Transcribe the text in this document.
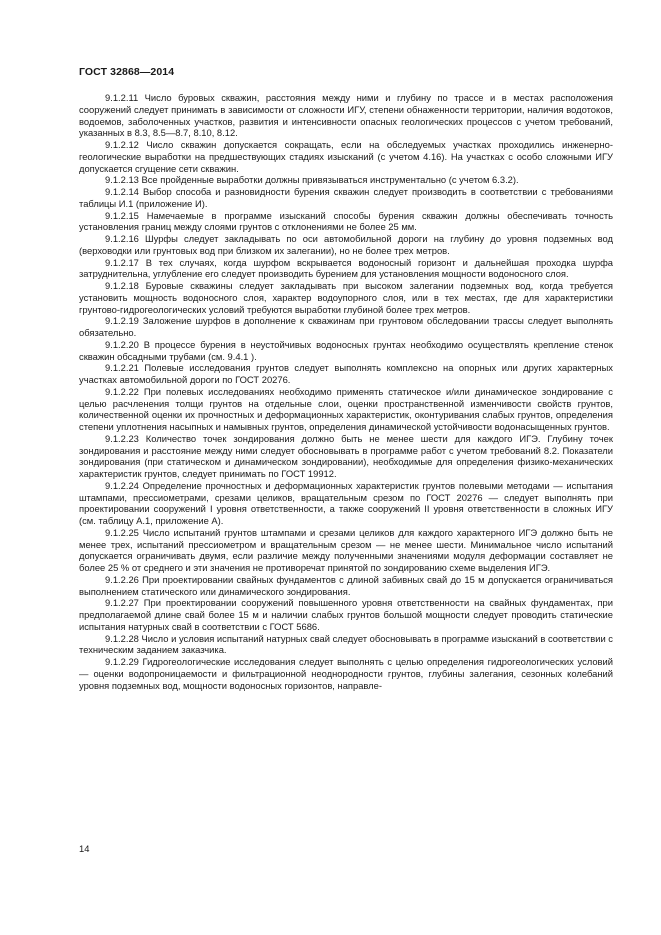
ГОСТ 32868—2014

9.1.2.11 Число буровых скважин, расстояния между ними и глубину по трассе и в местах расположения сооружений следует принимать в зависимости от сложности ИГУ, степени обнаженности территории, наличия водотоков, водоемов, заболоченных участков, развития и интенсивности опасных геологических процессов с учетом требований, указанных в 8.3, 8.5—8.7, 8.10, 8.12.

9.1.2.12 Число скважин допускается сокращать, если на обследуемых участках проходились инженерно-геологические выработки на предшествующих стадиях изысканий (с учетом 4.16). На участках с особо сложными ИГУ допускается сгущение сети скважин.

9.1.2.13 Все пройденные выработки должны привязываться инструментально (с учетом 6.3.2).

9.1.2.14 Выбор способа и разновидности бурения скважин следует производить в соответствии с требованиями таблицы И.1 (приложение И).

9.1.2.15 Намечаемые в программе изысканий способы бурения скважин должны обеспечивать точность установления границ между слоями грунтов с отклонениями не более 25 мм.

9.1.2.16 Шурфы следует закладывать по оси автомобильной дороги на глубину до уровня подземных вод (верховодки или грунтовых вод при близком их залегании), но не более трех метров.

9.1.2.17 В тех случаях, когда шурфом вскрывается водоносный горизонт и дальнейшая проходка шурфа затруднительна, углубление его следует производить бурением для установления мощности водоносного слоя.

9.1.2.18 Буровые скважины следует закладывать при высоком залегании подземных вод, когда требуется установить мощность водоносного слоя, характер водоупорного слоя, или в тех местах, где для характеристики грунтово-гидрогеологических условий требуются выработки глубиной более трех метров.

9.1.2.19 Заложение шурфов в дополнение к скважинам при грунтовом обследовании трассы следует выполнять обязательно.

9.1.2.20 В процессе бурения в неустойчивых водоносных грунтах необходимо осуществлять крепление стенок скважин обсадными трубами (см. 9.4.1 ).

9.1.2.21 Полевые исследования грунтов следует выполнять комплексно на опорных или других характерных участках автомобильной дороги по ГОСТ 20276.

9.1.2.22 При полевых исследованиях необходимо применять статическое и/или динамическое зондирование с целью расчленения толщи грунтов на отдельные слои, оценки пространственной изменчивости свойств грунтов, количественной оценки их прочностных и деформационных характеристик, оконтуривания слабых грунтов, определения степени уплотнения насыпных и намывных грунтов, определения динамической устойчивости водонасыщенных грунтов.

9.1.2.23 Количество точек зондирования должно быть не менее шести для каждого ИГЭ. Глубину точек зондирования и расстояние между ними следует обосновывать в программе работ с учетом требований 8.2. Показатели зондирования (при статическом и динамическом зондировании), необходимые для определения физико-механических характеристик грунтов, следует принимать по ГОСТ 19912.

9.1.2.24 Определение прочностных и деформационных характеристик грунтов полевыми методами — испытания штампами, прессиометрами, срезами целиков, вращательным срезом по ГОСТ 20276 — следует выполнять при проектировании сооружений I уровня ответственности, а также сооружений II уровня ответственности в сложных ИГУ (см. таблицу А.1, приложение А).

9.1.2.25 Число испытаний грунтов штампами и срезами целиков для каждого характерного ИГЭ должно быть не менее трех, испытаний прессиометром и вращательным срезом — не менее шести. Минимальное число испытаний допускается ограничивать двумя, если различие между полученными значениями модуля деформации составляет не более 25 % от среднего и эти значения не противоречат принятой по зондированию схеме выделения ИГЭ.

9.1.2.26 При проектировании свайных фундаментов с длиной забивных свай до 15 м допускается ограничиваться выполнением статического или динамического зондирования.

9.1.2.27 При проектировании сооружений повышенного уровня ответственности на свайных фундаментах, при предполагаемой длине свай более 15 м и наличии слабых грунтов большой мощности следует проводить статические испытания натурных свай в соответствии с ГОСТ 5686.

9.1.2.28 Число и условия испытаний натурных свай следует обосновывать в программе изысканий в соответствии с техническим заданием заказчика.

9.1.2.29 Гидрогеологические исследования следует выполнять с целью определения гидрогеологических условий — оценки водопроницаемости и фильтрационной неоднородности грунтов, глубины залегания, сезонных колебаний уровня подземных вод, мощности водоносных горизонтов, направле-

14
